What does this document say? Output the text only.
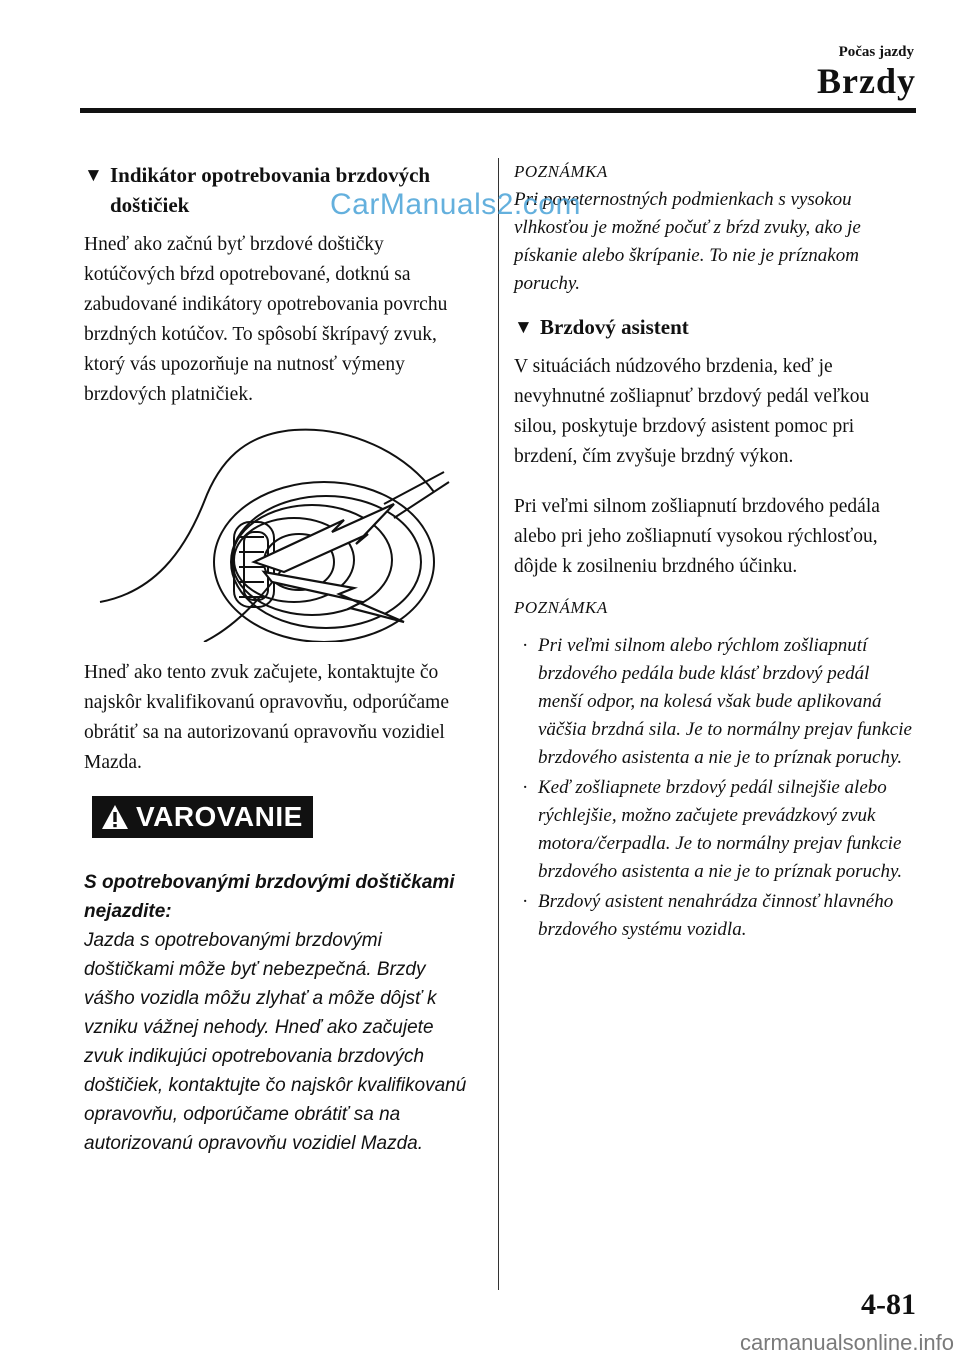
Počas jazdy
Brzdy
▼ Indikátor opotrebovania brzdových doštičiek

Hneď ako začnú byť brzdové doštičky kotúčových bŕzd opotrebované, dotknú sa zabudované indikátory opotrebovania povrchu brzdných kotúčov. To spôsobí škrípavý zvuk, ktorý vás upozorňuje na nutnosť výmeny brzdových platničiek.

Hneď ako tento zvuk začujete, kontaktujte čo najskôr kvalifikovanú opravovňu, odporúčame obrátiť sa na autorizovanú opravovňu vozidiel Mazda.

VAROVANIE

S opotrebovanými brzdovými doštičkami nejazdite:

Jazda s opotrebovanými brzdovými doštičkami môže byť nebezpečná. Brzdy vášho vozidla môžu zlyhať a môže dôjsť k vzniku vážnej nehody. Hneď ako začujete zvuk indikujúci opotrebovania brzdových doštičiek, kontaktujte čo najskôr kvalifikovanú opravovňu, odporúčame obrátiť sa na autorizovanú opravovňu vozidiel Mazda.

POZNÁMKA

Pri poveternostných podmienkach s vysokou vlhkosťou je možné počuť z bŕzd zvuky, ako je pískanie alebo škrípanie. To nie je príznakom poruchy.

▼ Brzdový asistent

V situáciách núdzového brzdenia, keď je nevyhnutné zošliapnuť brzdový pedál veľkou silou, poskytuje brzdový asistent pomoc pri brzdení, čím zvyšuje brzdný výkon.

Pri veľmi silnom zošliapnutí brzdového pedála alebo pri jeho zošliapnutí vysokou rýchlosťou, dôjde k zosilneniu brzdného účinku.

POZNÁMKA
· Pri veľmi silnom alebo rýchlom zošliapnutí brzdového pedála bude klásť brzdový pedál menší odpor, na kolesá však bude aplikovaná väčšia brzdná sila. Je to normálny prejav funkcie brzdového asistenta a nie je to príznak poruchy.
· Keď zošliapnete brzdový pedál silnejšie alebo rýchlejšie, možno začujete prevádzkový zvuk motora/čerpadla. Je to normálny prejav funkcie brzdového asistenta a nie je to príznak poruchy.
· Brzdový asistent nenahrádza činnosť hlavného brzdového systému vozidla.
CarManuals2.com
4-81
carmanualsonline.info
